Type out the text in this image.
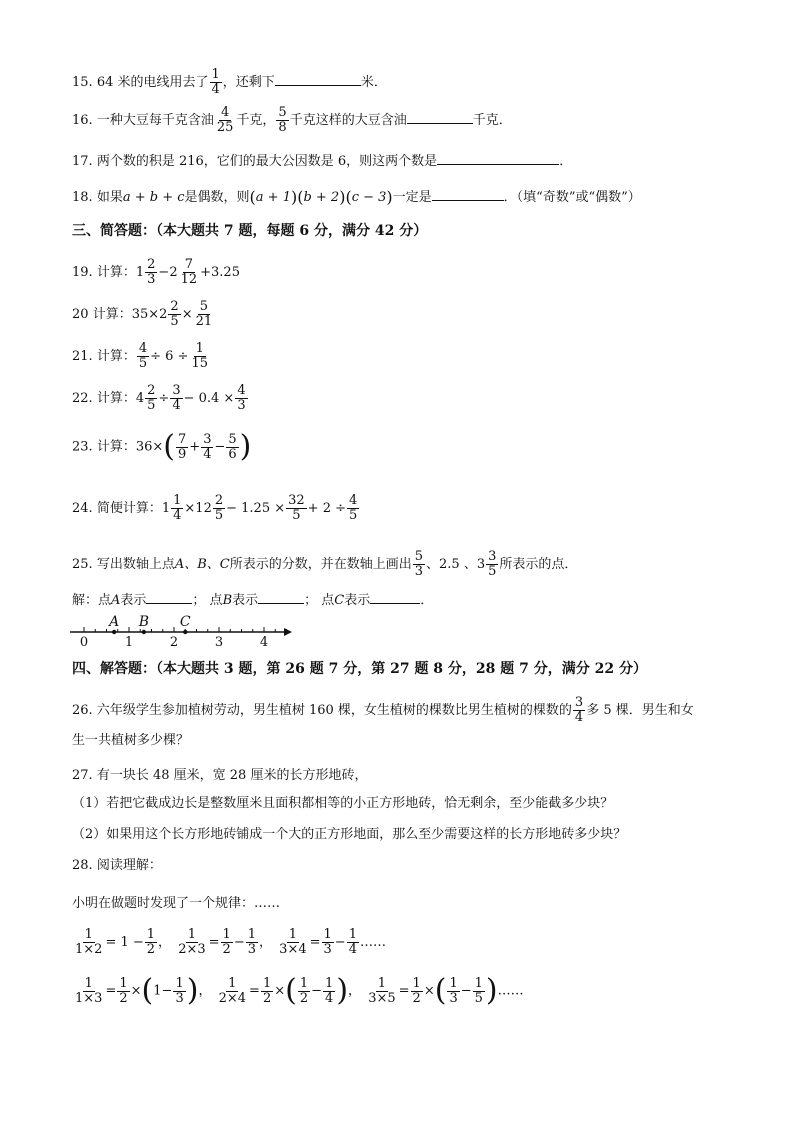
15. 64 米的电线用去了 $\frac{1}{4}$ ，还剩下	米．
16. 一种大豆每千克含油 $\frac{4}{25}$ 千克， $\frac{5}{8}$ 千克这样的大豆含油	千克．
17. 两个数的积是 216，它们的最大公因数是 6，则这两个数是	．
18. 如果a + b + c是偶数，则(a + 1)(b + 2)(c − 3)一定是	．（填“奇数”或“偶数”）
三、简答题：（本大题共 7 题，每题 6 分，满分 42 分）
19. 计算：$1 \frac{2}{3} -2 \frac{7}{12} +3.25$
20 计算：$35\times 2 \frac{2}{5} \times \frac{5}{21}$
21. 计算： $\frac{4}{5} \div 6 \div \frac{1}{15}$
22. 计算：$4 \frac{2}{5} \div \frac{3}{4} - 0.4 \times \frac{4}{3}$
23. 计算：$36\times( \frac{7}{9} + \frac{3}{4} - \frac{5}{6}$ )
24. 简便计算：$1 \frac{1}{4} \times 12 \frac{2}{5} - 1.25 \times \frac{32}{5} + 2 \div \frac{4}{5}$
25. 写出数轴上点A、B、C所表示的分数，并在数轴上画出 $\frac{5}{3}$ 、2.5 、$3 \frac{3}{5}$ 所表示的点．
解：点A表示	； 点B表示	； 点C表示	．
0	1	2	3	4
A B C
四、解答题：（本大题共 3 题，第 26 题 7 分，第 27 题 8 分，28 题 7 分，满分 22 分）
26. 六年级学生参加植树劳动，男生植树 160 棵，女生植树的棵数比男生植树的棵数的 $\frac{3}{4}$ 多 5 棵．男生和女
生一共植树多少棵？
27. 有一块长 48 厘米，宽 28 厘米的长方形地砖，
（1）若把它截成边长是整数厘米且面积都相等的小正方形地砖，恰无剩余，至少能截多少块？
（2）如果用这个长方形地砖铺成一个大的正方形地面，那么至少需要这样的长方形地砖多少块？
28. 阅读理解：
小明在做题时发现了一个规律：……
$\frac{1}{1\times 2} = 1 - \frac{1}{2}$ ， $\frac{1}{2\times 3} = \frac{1}{2} - \frac{1}{3}$ ， $\frac{1}{3\times 4} = \frac{1}{3} - \frac{1}{4}$ ……
$\frac{1}{1\times 3} = \frac{1}{2} \times(1- \frac{1}{3}$ )， $\frac{1}{2\times 4} = \frac{1}{2}$ ×( $\frac{1}{2} - \frac{1}{4}$ )， $\frac{1}{3\times 5} = \frac{1}{2}$ ×( $\frac{1}{3} - \frac{1}{5}$ )……
